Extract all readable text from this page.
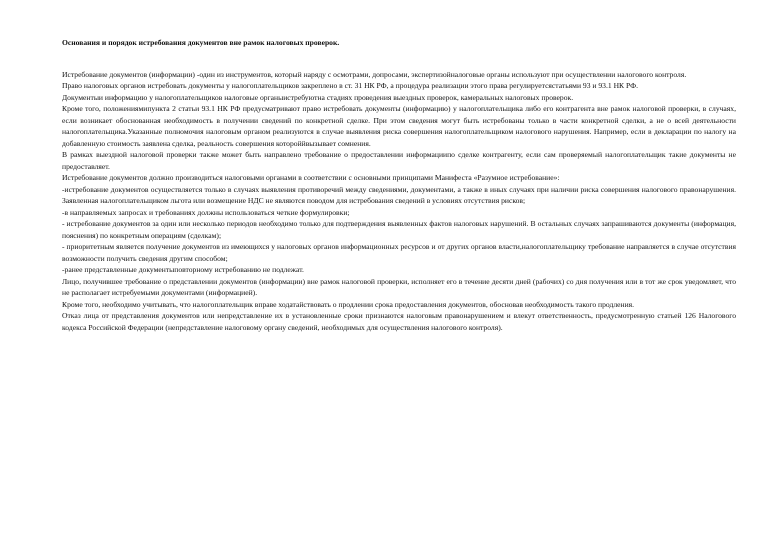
Основания и порядок истребования документов вне рамок налоговых проверок.

Истребование документов (информации) -один из инструментов, который наряду с осмотрами, допросами, экспертизойналоговые органы используют при осуществлении налогового контроля.

Право налоговых органов истребовать документы у налогоплательщиков закреплено в ст. 31 НК РФ, а процедура реализации этого права регулируетсястатьями 93 и 93.1 НК РФ.

Документыи информацию у налогоплательщиков налоговые органыистребуютна стадиях проведения выездных проверок, камеральных налоговых проверок.

Кроме того, положениямипункта 2 статьи 93.1 НК РФ предусматривают право истребовать документы (информацию) у налогоплательщика либо его контрагента вне рамок налоговой проверки, в случаях, если возникает обоснованная необходимость в получении сведений по конкретной сделке. При этом сведения могут быть истребованы только в части конкретной сделки, а не о всей деятельности налогоплательщика.Указанные полномочия налоговым органом реализуются в случае выявления риска совершения налогоплательщиком налогового нарушения. Например, если в декларации по налогу на добавленную стоимость заявлена сделка, реальность совершения котороййвызывает сомнения.

В рамках выездной налоговой проверки также может быть направлено требование о предоставлении информациипо сделке контрагенту, если сам проверяемый налогоплательщик такие документы не предоставляет.

Истребование документов должно производиться налоговыми органами в соответствии с основными принципами Манифеста «Разумное истребование»:

-истребование документов осуществляется только в случаях выявления противоречий между сведениями, документами, а также в иных случаях при наличии риска совершения налогового правонарушения. Заявленная налогоплательщиком льгота или возмещение НДС не являются поводом для истребования сведений в условиях отсутствия рисков;

-в направляемых запросах и требованиях должны использоваться четкие формулировки;

- истребование документов за один или несколько периодов необходимо только для подтверждения выявленных фактов налоговых нарушений. В остальных случаях запрашиваются документы (информация, пояснения) по конкретным операциям (сделкам);

- приоритетным является получение документов из имеющихся у налоговых органов информационных ресурсов и от других органов власти,налогоплательщику требование направляется в случае отсутствия возможности получить сведения другим способом;

-ранее представленные документыповторному истребованию не подлежат.

Лицо, получившее требование о представлении документов (информации) вне рамок налоговой проверки, исполняет его в течение десяти дней (рабочих) со дня получения или в тот же срок уведомляет, что не располагает истребуемыми документами (информацией).

Кроме того, необходимо учитывать, что налогоплательщик вправе ходатайствовать о продлении срока предоставления документов, обосновав необходимость такого продления.

Отказ лица от представления документов или непредставление их в установленные сроки признаются налоговым правонарушением и влекут ответственность, предусмотренную статьей 126 Налогового кодекса Российской Федерации (непредставление налоговому органу сведений, необходимых для осуществления налогового контроля).
